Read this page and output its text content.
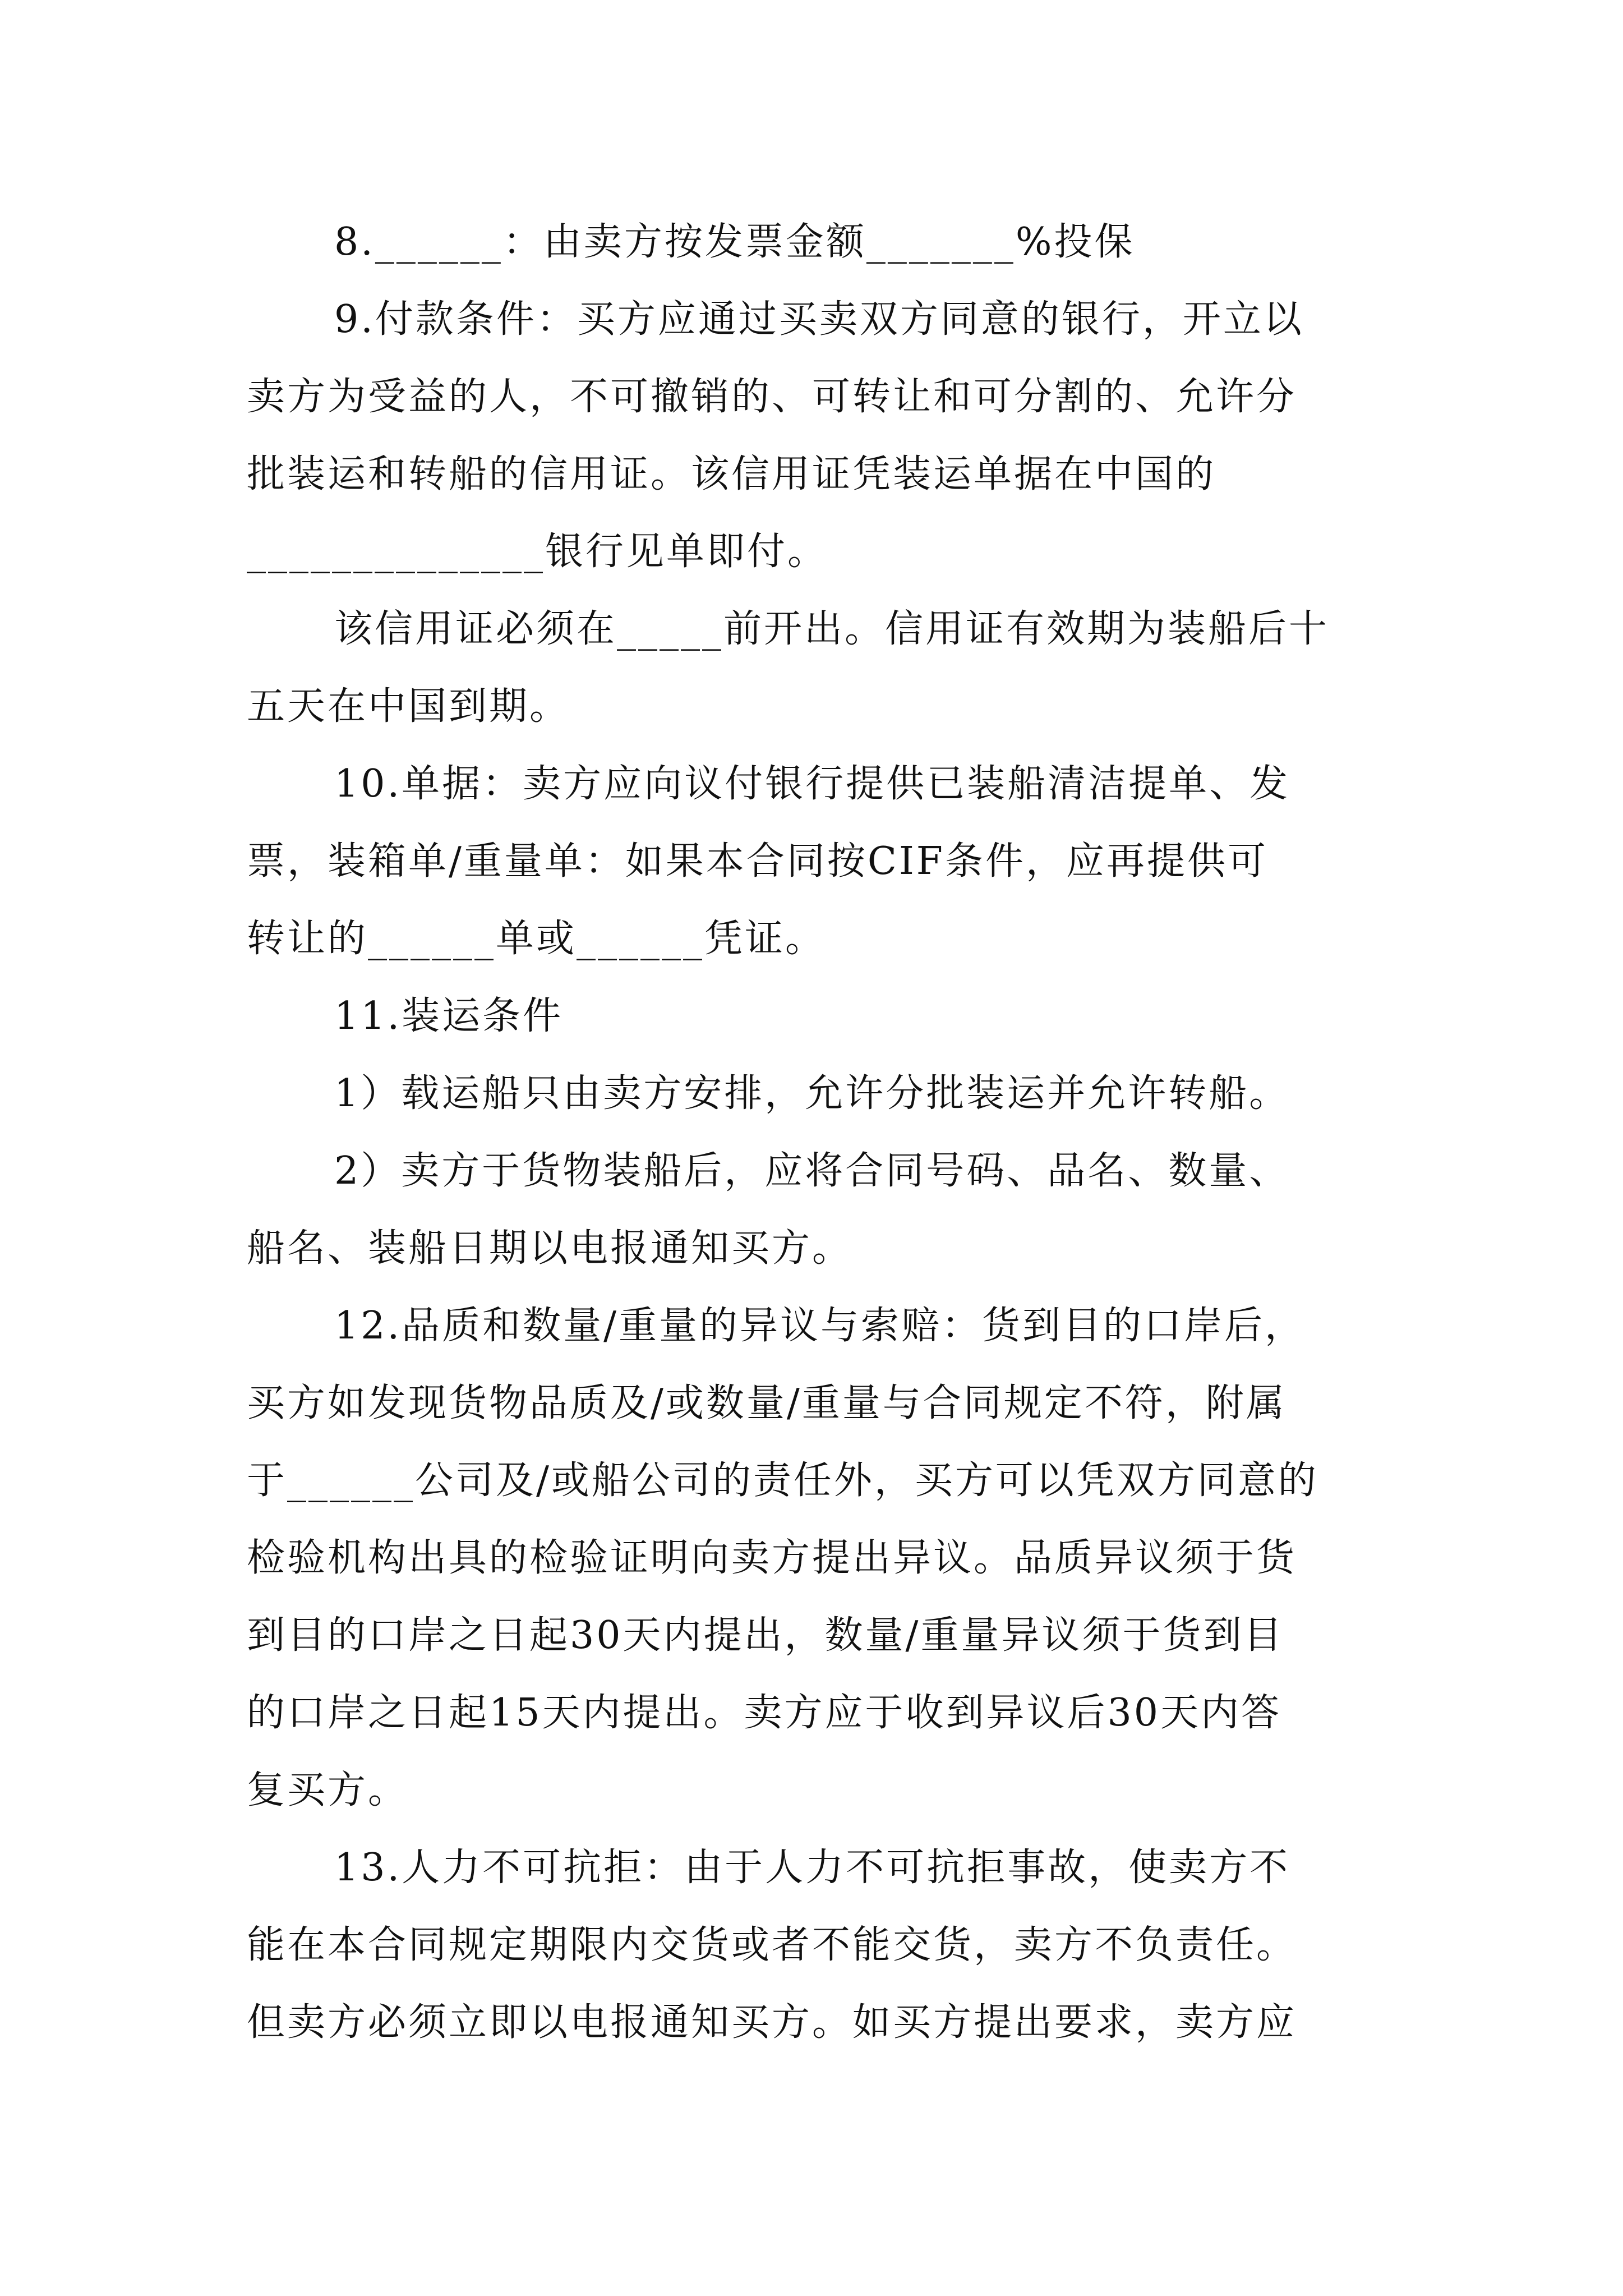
8.______：由卖方按发票金额_______%投保
9.付款条件：买方应通过买卖双方同意的银行，开立以
卖方为受益的人，不可撤销的、可转让和可分割的、允许分
批装运和转船的信用证。该信用证凭装运单据在中国的
______________银行见单即付。
该信用证必须在_____前开出。信用证有效期为装船后十
五天在中国到期。
10.单据：卖方应向议付银行提供已装船清洁提单、发
票，装箱单/重量单：如果本合同按CIF条件，应再提供可
转让的______单或______凭证。
11.装运条件
1）载运船只由卖方安排，允许分批装运并允许转船。
2）卖方于货物装船后，应将合同号码、品名、数量、
船名、装船日期以电报通知买方。
12.品质和数量/重量的异议与索赔：货到目的口岸后，
买方如发现货物品质及/或数量/重量与合同规定不符，附属
于______公司及/或船公司的责任外，买方可以凭双方同意的
检验机构出具的检验证明向卖方提出异议。品质异议须于货
到目的口岸之日起30天内提出，数量/重量异议须于货到目
的口岸之日起15天内提出。卖方应于收到异议后30天内答
复买方。
13.人力不可抗拒：由于人力不可抗拒事故，使卖方不
能在本合同规定期限内交货或者不能交货，卖方不负责任。
但卖方必须立即以电报通知买方。如买方提出要求，卖方应
